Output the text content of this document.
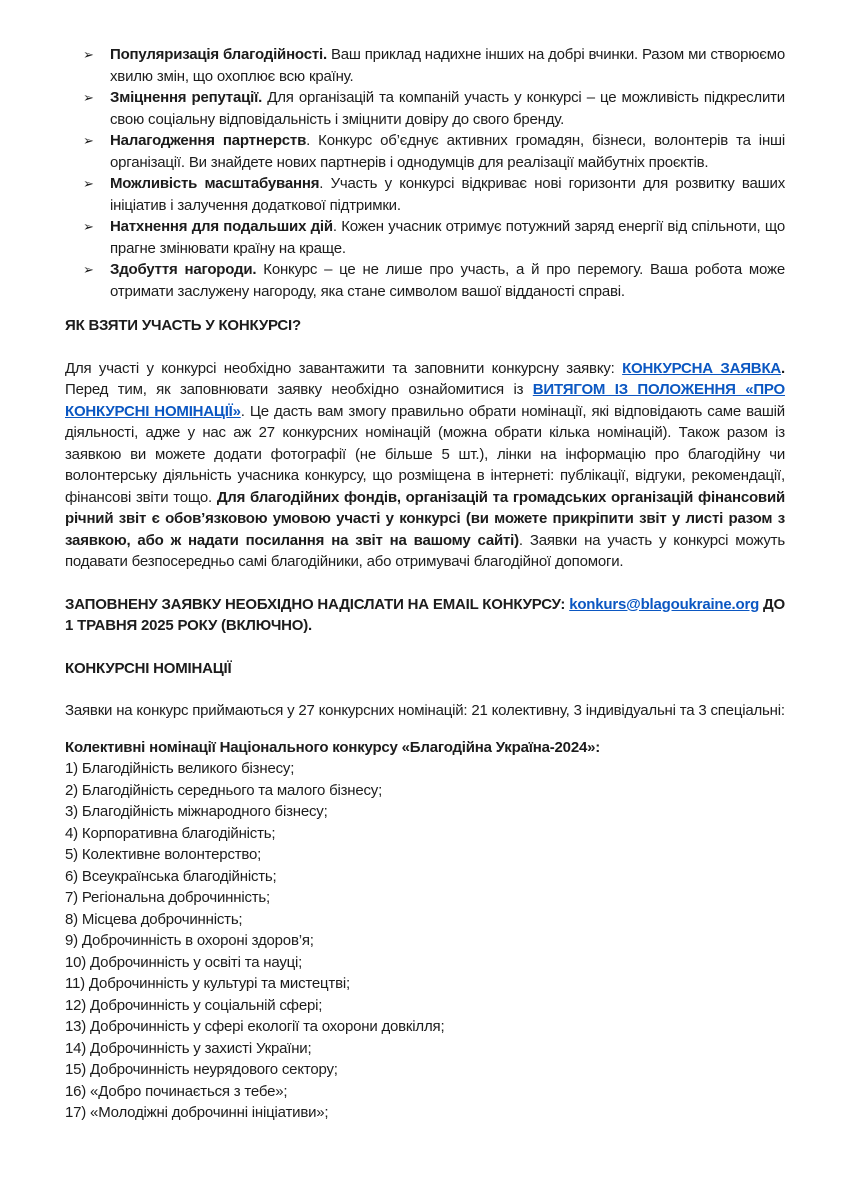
➢ Популяризація благодійності. Ваш приклад надихне інших на добрі вчинки. Разом ми створюємо хвилю змін, що охоплює всю країну.
➢ Зміцнення репутації. Для організацій та компаній участь у конкурсі – це можливість підкреслити свою соціальну відповідальність і зміцнити довіру до свого бренду.
➢ Налагодження партнерств. Конкурс об’єднує активних громадян, бізнеси, волонтерів та інші організації. Ви знайдете нових партнерів і однодумців для реалізації майбутніх проєктів.
➢ Можливість масштабування. Участь у конкурсі відкриває нові горизонти для розвитку ваших ініціатив і залучення додаткової підтримки.
➢ Натхнення для подальших дій. Кожен учасник отримує потужний заряд енергії від спільноти, що прагне змінювати країну на краще.
➢ Здобуття нагороди. Конкурс – це не лише про участь, а й про перемогу. Ваша робота може отримати заслужену нагороду, яка стане символом вашої відданості справі.
ЯК ВЗЯТИ УЧАСТЬ У КОНКУРСІ?

Для участі у конкурсі необхідно завантажити та заповнити конкурсну заявку: КОНКУРСНА ЗАЯВКА. Перед тим, як заповнювати заявку необхідно ознайомитися із ВИТЯГОМ ІЗ ПОЛОЖЕННЯ «ПРО КОНКУРСНІ НОМІНАЦІЇ». Це дасть вам змогу правильно обрати номінації, які відповідають саме вашій діяльності, адже у нас аж 27 конкурсних номінацій (можна обрати кілька номінацій). Також разом із заявкою ви можете додати фотографії (не більше 5 шт.), лінки на інформацію про благодійну чи волонтерську діяльність учасника конкурсу, що розміщена в інтернеті: публікації, відгуки, рекомендації, фінансові звіти тощо. Для благодійних фондів, організацій та громадських організацій фінансовий річний звіт є обов’язковою умовою участі у конкурсі (ви можете прикріпити звіт у листі разом з заявкою, або ж надати посилання на звіт на вашому сайті). Заявки на участь у конкурсі можуть подавати безпосередньо самі благодійники, або отримувачі благодійної допомоги.

ЗАПОВНЕНУ ЗАЯВКУ НЕОБХІДНО НАДІСЛАТИ НА EMAIL КОНКУРСУ: konkurs@blagoukraine.org ДО 1 ТРАВНЯ 2025 РОКУ (ВКЛЮЧНО).

КОНКУРСНІ НОМІНАЦІЇ

Заявки на конкурс приймаються у 27 конкурсних номінацій: 21 колективну, 3 індивідуальні та 3 спеціальні:

Колективні номінації Національного конкурсу «Благодійна Україна-2024»:
1) Благодійність великого бізнесу;
2) Благодійність середнього та малого бізнесу;
3) Благодійність міжнародного бізнесу;
4) Корпоративна благодійність;
5) Колективне волонтерство;
6) Всеукраїнська благодійність;
7) Регіональна доброчинність;
8) Місцева доброчинність;
9) Доброчинність в охороні здоров’я;
10) Доброчинність у освіті та науці;
11) Доброчинність у культурі та мистецтві;
12) Доброчинність у соціальній сфері;
13) Доброчинність у сфері екології та охорони довкілля;
14) Доброчинність у захисті України;
15) Доброчинність неурядового сектору;
16) «Добро починається з тебе»;
17) «Молодіжні доброчинні ініціативи»;
